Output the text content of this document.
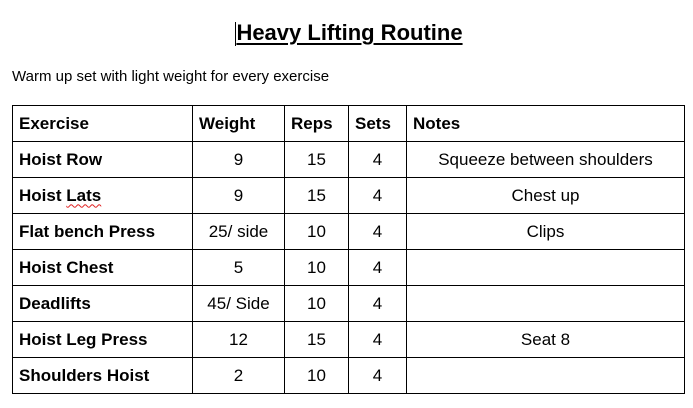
Heavy Lifting Routine
Warm up set with light weight for every exercise
Exercise	Weight	Reps	Sets	Notes
Hoist Row	9	15	4	Squeeze between shoulders
Hoist Lats	9	15	4	Chest up
Flat bench Press	25/ side	10	4	Clips
Hoist Chest	5	10	4	
Deadlifts	45/ Side	10	4	
Hoist Leg Press	12	15	4	Seat 8
Shoulders Hoist	2	10	4	
